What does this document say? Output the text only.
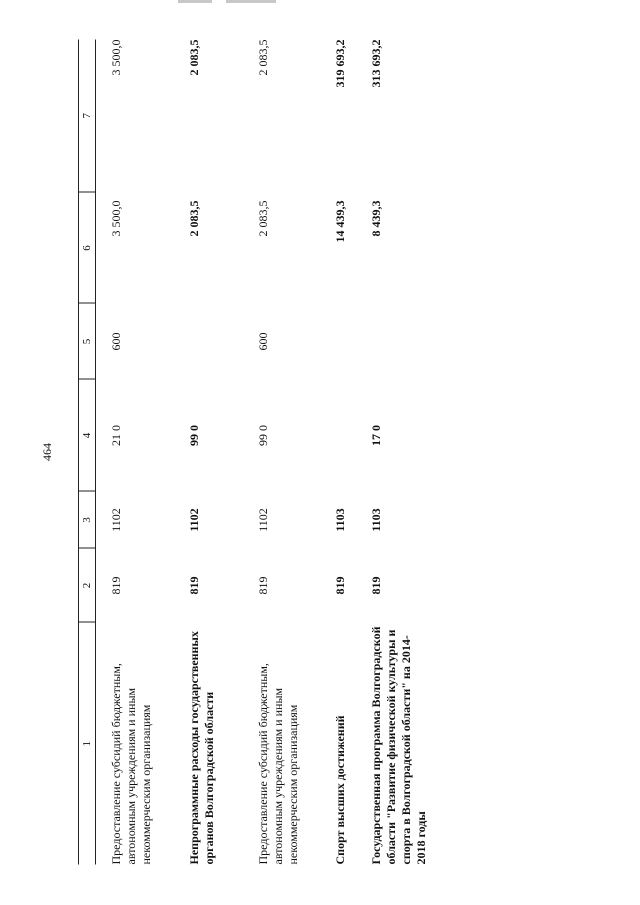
464
1	2	3	4	5	6	7
Предоставление субсидий бюджетным, автономным учреждениям и иным некоммерческим организациям	819	1102	21 0	600	3 500,0	3 500,0
Непрограммные расходы государственных органов Волгоградской области	819	1102	99 0		2 083,5	2 083,5
Предоставление субсидий бюджетным, автономным учреждениям и иным некоммерческим организациям	819	1102	99 0	600	2 083,5	2 083,5
Спорт высших достижений	819	1103			14 439,3	319 693,2
Государственная программа Волгоградской области "Развитие физической культуры и спорта в Волгоградской области" на 2014-2018 годы	819	1103	17 0		8 439,3	313 693,2
